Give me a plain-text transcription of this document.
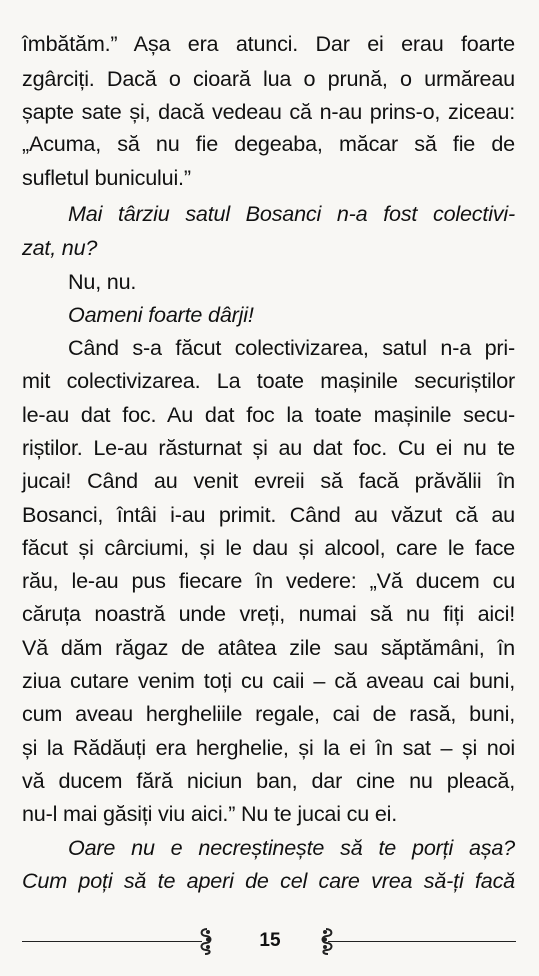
îmbătăm.” Așa era atunci. Dar ei erau foarte
zgârciți. Dacă o cioară lua o prună, o urmăreau
șapte sate și, dacă vedeau că n-au prins-o, ziceau:
„Acuma, să nu fie degeaba, măcar să fie de
sufletul bunicului.”
Mai târziu satul Bosanci n-a fost colectivi-
zat, nu?
Nu, nu.
Oameni foarte dârji!
Când s-a făcut colectivizarea, satul n-a pri-
mit colectivizarea. La toate mașinile securiștilor
le-au dat foc. Au dat foc la toate mașinile secu-
riștilor. Le-au răsturnat și au dat foc. Cu ei nu te
jucai! Când au venit evreii să facă prăvălii în
Bosanci, întâi i-au primit. Când au văzut că au
făcut și cârciumi, și le dau și alcool, care le face
rău, le-au pus fiecare în vedere: „Vă ducem cu
căruța noastră unde vreți, numai să nu fiți aici!
Vă dăm răgaz de atâtea zile sau săptămâni, în
ziua cutare venim toți cu caii – că aveau cai buni,
cum aveau hergheliile regale, cai de rasă, buni,
și la Rădăuți era herghelie, și la ei în sat – și noi
vă ducem fără niciun ban, dar cine nu pleacă,
nu-l mai găsiți viu aici.” Nu te jucai cu ei.
Oare nu e necreștinește să te porți așa?
Cum poți să te aperi de cel care vrea să-ți facă
15
